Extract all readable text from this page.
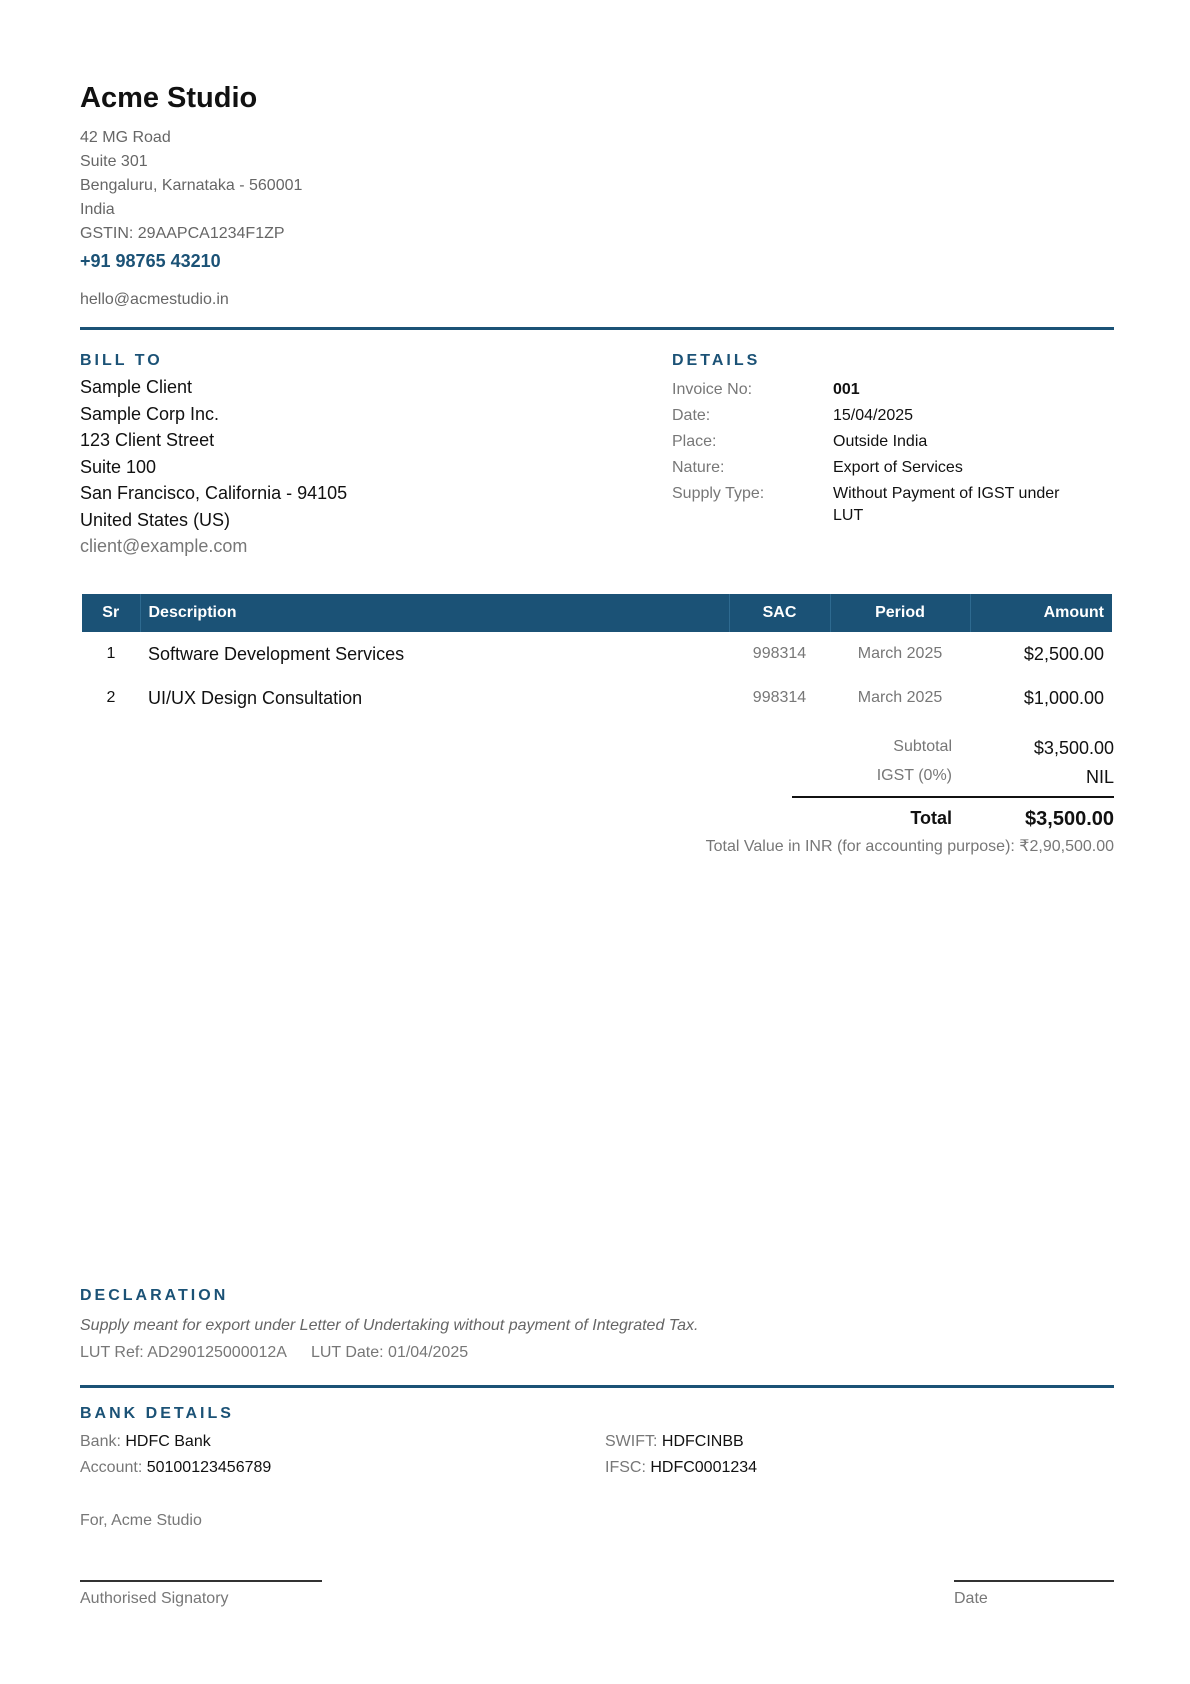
Acme Studio
42 MG Road
Suite 301
Bengaluru, Karnataka - 560001
India
GSTIN: 29AAPCA1234F1ZP
+91 98765 43210
hello@acmestudio.in
BILL TO
Sample Client
Sample Corp Inc.
123 Client Street
Suite 100
San Francisco, California - 94105
United States (US)
client@example.com
DETAILS
Invoice No:	001
Date:	15/04/2025
Place:	Outside India
Nature:	Export of Services
Supply Type:	Without Payment of IGST under LUT
Sr	Description	SAC	Period	Amount
1	Software Development Services	998314	March 2025	$2,500.00
2	UI/UX Design Consultation	998314	March 2025	$1,000.00
Subtotal	$3,500.00
IGST (0%)	NIL
Total	$3,500.00
Total Value in INR (for accounting purpose): ₹2,90,500.00
DECLARATION
Supply meant for export under Letter of Undertaking without payment of Integrated Tax.
LUT Ref: AD290125000012A LUT Date: 01/04/2025
BANK DETAILS
Bank: HDFC Bank
Account: 50100123456789
SWIFT: HDFCINBB
IFSC: HDFC0001234
For, Acme Studio
Authorised Signatory	Date
